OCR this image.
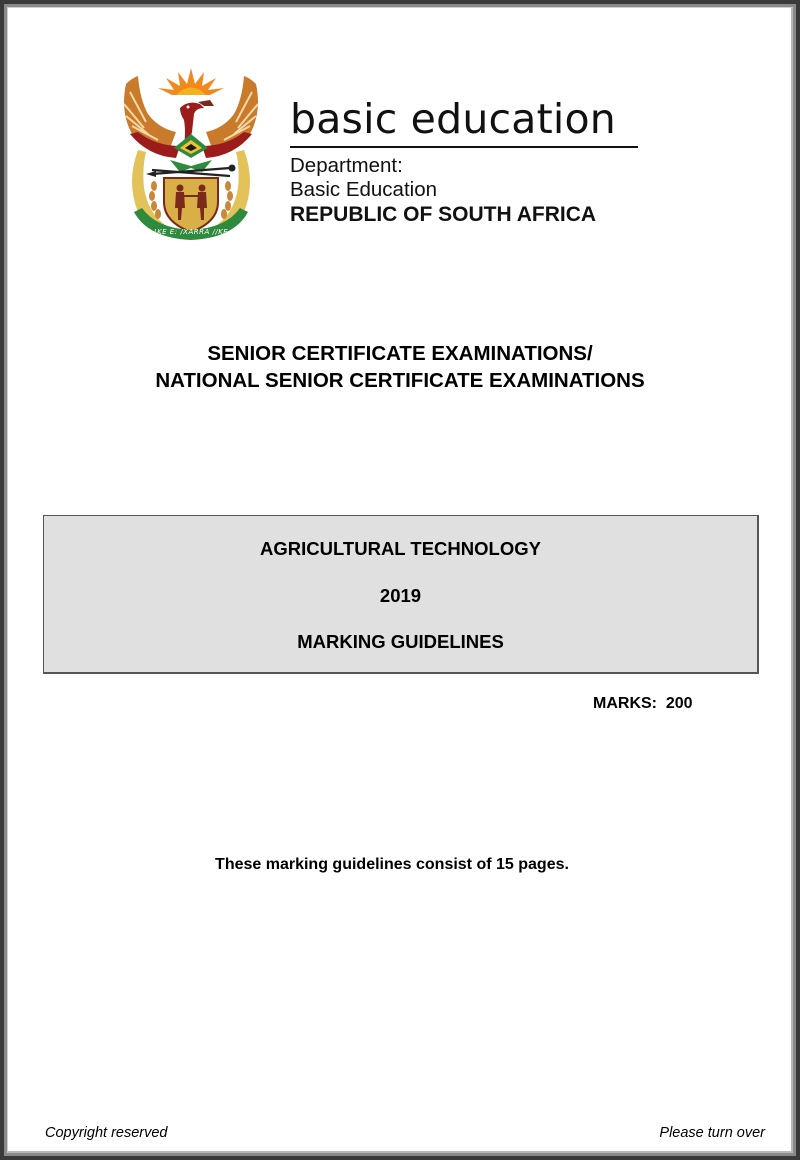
!KE E: /XARRA //KE
basic education
Department:
Basic Education
REPUBLIC OF SOUTH AFRICA
SENIOR CERTIFICATE EXAMINATIONS/
NATIONAL SENIOR CERTIFICATE EXAMINATIONS
AGRICULTURAL TECHNOLOGY
2019
MARKING GUIDELINES
MARKS:  200
These marking guidelines consist of 15 pages.
Copyright reserved	Please turn over
